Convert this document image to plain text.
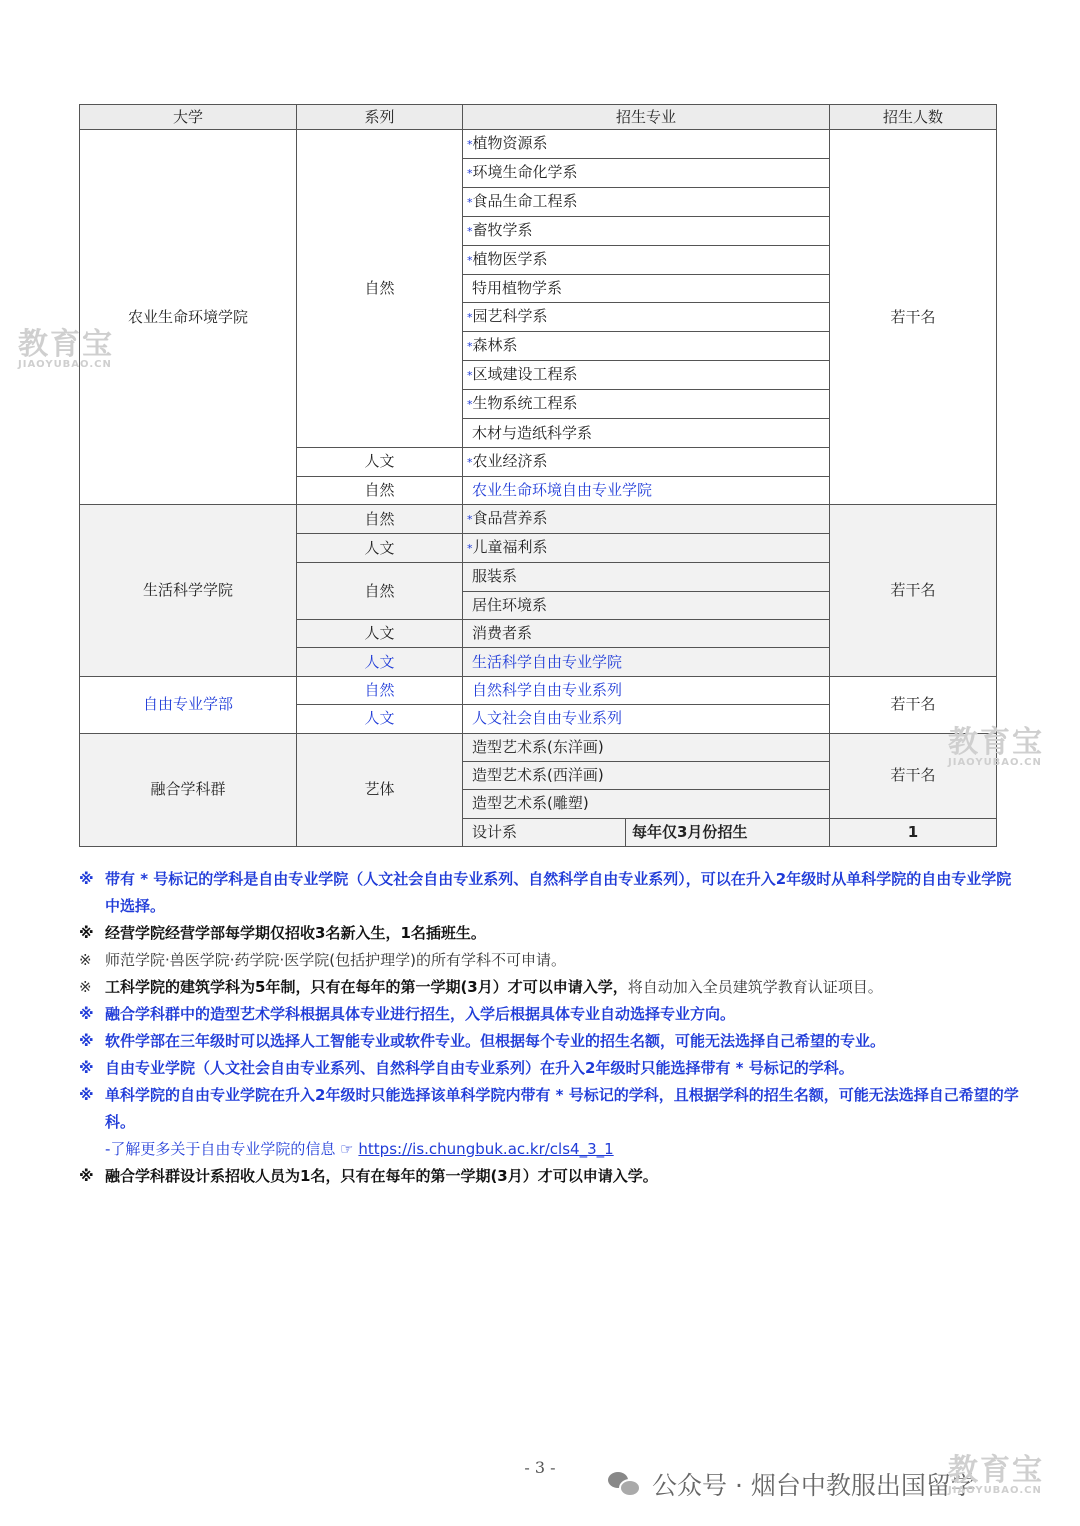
大学	系列	招生专业		招生人数
农业生命环境学院	自然	*植物资源系		若干名
		*环境生命化学系		
		*食品生命工程系		
		*畜牧学系		
		*植物医学系		
		特用植物学系		
		*园艺科学系		
		*森林系		
		*区域建设工程系		
		*生物系统工程系		
		木材与造纸科学系		
	人文	*农业经济系		
	自然	农业生命环境自由专业学院		
生活科学学院	自然	*食品营养系		若干名
	人文	*儿童福利系		
	自然	服装系		
		居住环境系		
	人文	消费者系		
	人文	生活科学自由专业学院		
自由专业学部	自然	自然科学自由专业系列		若干名
	人文	人文社会自由专业系列		
融合学科群	艺体	造型艺术系(东洋画)		若干名
		造型艺术系(西洋画)		
		造型艺术系(雕塑)		
		设计系	每年仅3月份招生	1
※ 带有 * 号标记的学科是自由专业学院（人文社会自由专业系列、自然科学自由专业系列），可以在升入2年级时从单科学院的自由专业学院中选择。
※ 经营学院经营学部每学期仅招收3名新入生，1名插班生。
※ 师范学院·兽医学院·药学院·医学院(包括护理学)的所有学科不可申请。
※ 工科学院的建筑学科为5年制，只有在每年的第一学期(3月）才可以申请入学，将自动加入全员建筑学教育认证项目。
※ 融合学科群中的造型艺术学科根据具体专业进行招生，入学后根据具体专业自动选择专业方向。
※ 软件学部在三年级时可以选择人工智能专业或软件专业。但根据每个专业的招生名额，可能无法选择自己希望的专业。
※ 自由专业学院（人文社会自由专业系列、自然科学自由专业系列）在升入2年级时只能选择带有 * 号标记的学科。
※ 单科学院的自由专业学院在升入2年级时只能选择该单科学院内带有 * 号标记的学科，且根据学科的招生名额，可能无法选择自己希望的学科。
-了解更多关于自由专业学院的信息 ☞ https://is.chungbuk.ac.kr/cls4_3_1
※ 融合学科群设计系招收人员为1名，只有在每年的第一学期(3月）才可以申请入学。
教育宝
JIAOYUBAO.CN
教育宝
JIAOYUBAO.CN
教育宝
JIAOYUBAO.CN
- 3 -
公众号 · 烟台中教服出国留学
